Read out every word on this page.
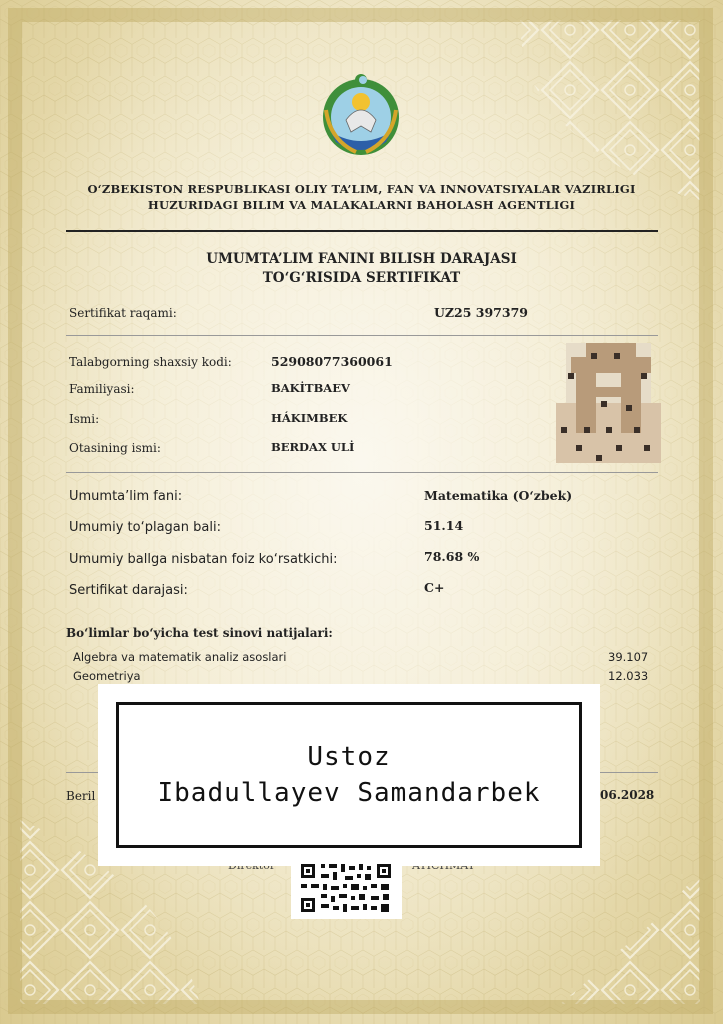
O‘ZBEKISTON RESPUBLIKASI OLIY TA’LIM, FAN VA INNOVATSIYALAR VAZIRLIGI
HUZURIDAGI BILIM VA MALAKALARNI BAHOLASH AGENTLIGI
UMUMTA’LIM FANINI BILISH DARAJASI
TO‘G‘RISIDA SERTIFIKAT
Sertifikat raqami:	UZ25 397379
Talabgorning shaxsiy kodi:	52908077360061
Familiyasi:	BAKİTBAEV
Ismi:	HÁKIMBEK
Otasining ismi:	BERDAX ULİ
Umumta’lim fani:	Matematika (O‘zbek)
Umumiy to‘plagan bali:	51.14
Umumiy ballga nisbatan foiz ko‘rsatkichi:	78.68 %
Sertifikat darajasi:	C+
Bo‘limlar bo‘yicha test sinovi natijalari:
Algebra va matematik analiz asoslari	39.107
Geometriya	12.033
Beril	06.2028
Ustoz
Ibadullayev Samandarbek
